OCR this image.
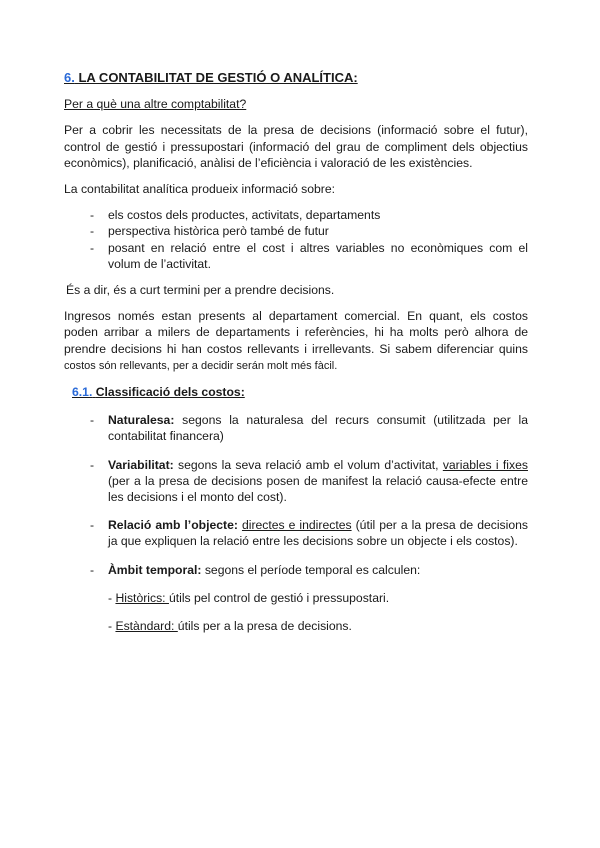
6. LA CONTABILITAT DE GESTIÓ O ANALÍTICA:
Per a què una altre comptabilitat?

Per a cobrir les necessitats de la presa de decisions (informació sobre el futur), control de gestió i pressupostari (informació del grau de compliment dels objectius econòmics), planificació, anàlisi de l’eficiència i valoració de les existències.

La contabilitat analítica produeix informació sobre:

- els costos dels productes, activitats, departaments
- perspectiva històrica però també de futur
- posant en relació entre el cost i altres variables no econòmiques com el volum de l’activitat.

És a dir, és a curt termini per a prendre decisions.

Ingresos només estan presents al departament comercial. En quant, els costos poden arribar a milers de departaments i referències, hi ha molts però alhora de prendre decisions hi han costos rellevants i irrellevants. Si sabem diferenciar quins costos són rellevants, per a decidir serán molt més fàcil.

6.1. Classificació dels costos:
- Naturalesa: segons la naturalesa del recurs consumit (utilitzada per la contabilitat financera)
- Variabilitat: segons la seva relació amb el volum d’activitat, variables i fixes (per a la presa de decisions posen de manifest la relació causa-efecte entre les decisions i el monto del cost).
- Relació amb l’objecte: directes e indirectes (útil per a la presa de decisions ja que expliquen la relació entre les decisions sobre un objecte i els costos).
- Àmbit temporal: segons el període temporal es calculen:
- Històrics: útils pel control de gestió i pressupostari.
- Estàndard: útils per a la presa de decisions.
